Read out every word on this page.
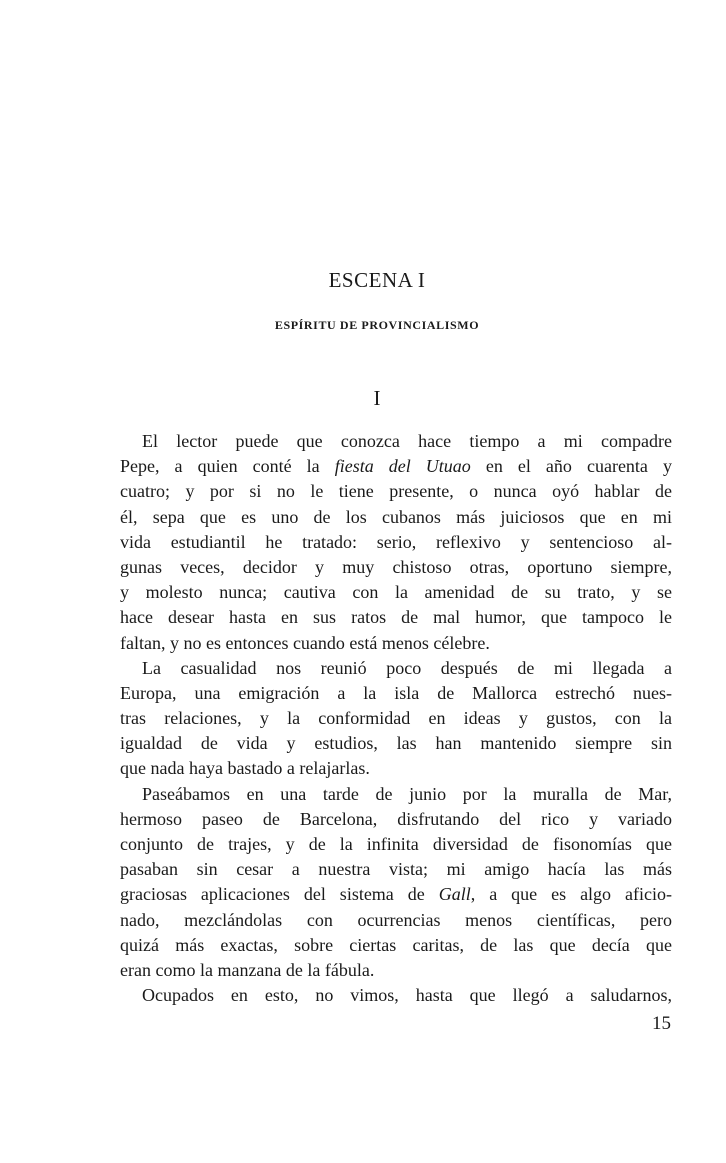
ESCENA I
ESPÍRITU DE PROVINCIALISMO
I
El lector puede que conozca hace tiempo a mi compadre
Pepe, a quien conté la fiesta del Utuao en el año cuarenta y
cuatro; y por si no le tiene presente, o nunca oyó hablar de
él, sepa que es uno de los cubanos más juiciosos que en mi
vida estudiantil he tratado: serio, reflexivo y sentencioso al-
gunas veces, decidor y muy chistoso otras, oportuno siempre,
y molesto nunca; cautiva con la amenidad de su trato, y se
hace desear hasta en sus ratos de mal humor, que tampoco le
faltan, y no es entonces cuando está menos célebre.
La casualidad nos reunió poco después de mi llegada a
Europa, una emigración a la isla de Mallorca estrechó nues-
tras relaciones, y la conformidad en ideas y gustos, con la
igualdad de vida y estudios, las han mantenido siempre sin
que nada haya bastado a relajarlas.
Paseábamos en una tarde de junio por la muralla de Mar,
hermoso paseo de Barcelona, disfrutando del rico y variado
conjunto de trajes, y de la infinita diversidad de fisonomías que
pasaban sin cesar a nuestra vista; mi amigo hacía las más
graciosas aplicaciones del sistema de Gall, a que es algo aficio-
nado, mezclándolas con ocurrencias menos científicas, pero
quizá más exactas, sobre ciertas caritas, de las que decía que
eran como la manzana de la fábula.
Ocupados en esto, no vimos, hasta que llegó a saludarnos,
15
